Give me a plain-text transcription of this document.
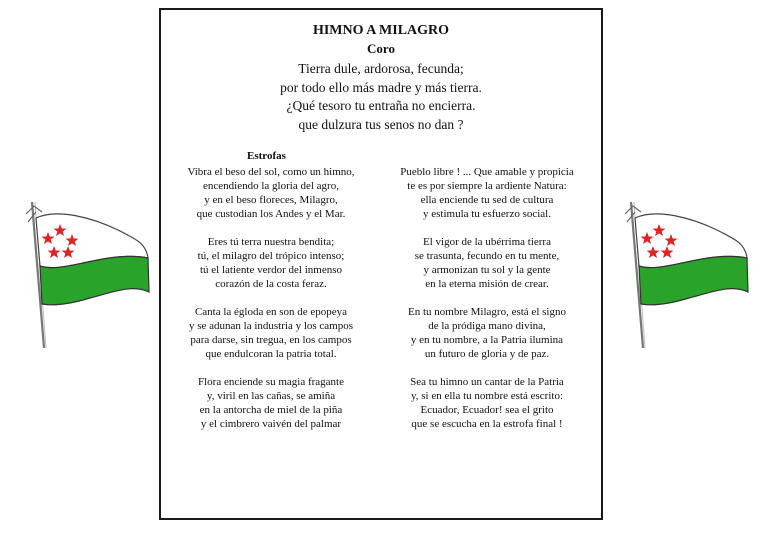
HIMNO A MILAGRO
Coro
Tierra dule, ardorosa, fecunda;
por todo ello más madre y más tierra.
¿Qué tesoro tu entraña no encierra.
que dulzura tus senos no dan ?
Estrofas
Vibra el beso del sol, como un himno,
encendiendo la gloria del agro,
y en el beso floreces, Milagro,
que custodian los Andes y el Mar.
Eres tú terra nuestra bendita;
tú, el milagro del trópico intenso;
tú el latiente verdor del inmenso
corazón de la costa feraz.
Canta la égloda en son de epopeya
y se adunan la industria y los campos
para darse, sin tregua, en los campos
que endulcoran la patria total.
Flora enciende su magia fragante
y, viril en las cañas, se amiña
en la antorcha de miel de la piña
y el cimbrero vaivén del palmar
Pueblo libre ! ... Que amable y propicia
te es por siempre la ardiente Natura:
ella enciende tu sed de cultura
y estimula tu esfuerzo social.
El vigor de la ubérrima tierra
se trasunta, fecundo en tu mente,
y armonizan tu sol y la gente
en la eterna misión de crear.
En tu nombre Milagro, está el signo
de la pródiga mano divina,
y en tu nombre, a la Patria ilumina
un futuro de gloria y de paz.
Sea tu himno un cantar de la Patria
y, si en ella tu nombre está escrito:
Ecuador, Ecuador! sea el grito
que se escucha en la estrofa final !
